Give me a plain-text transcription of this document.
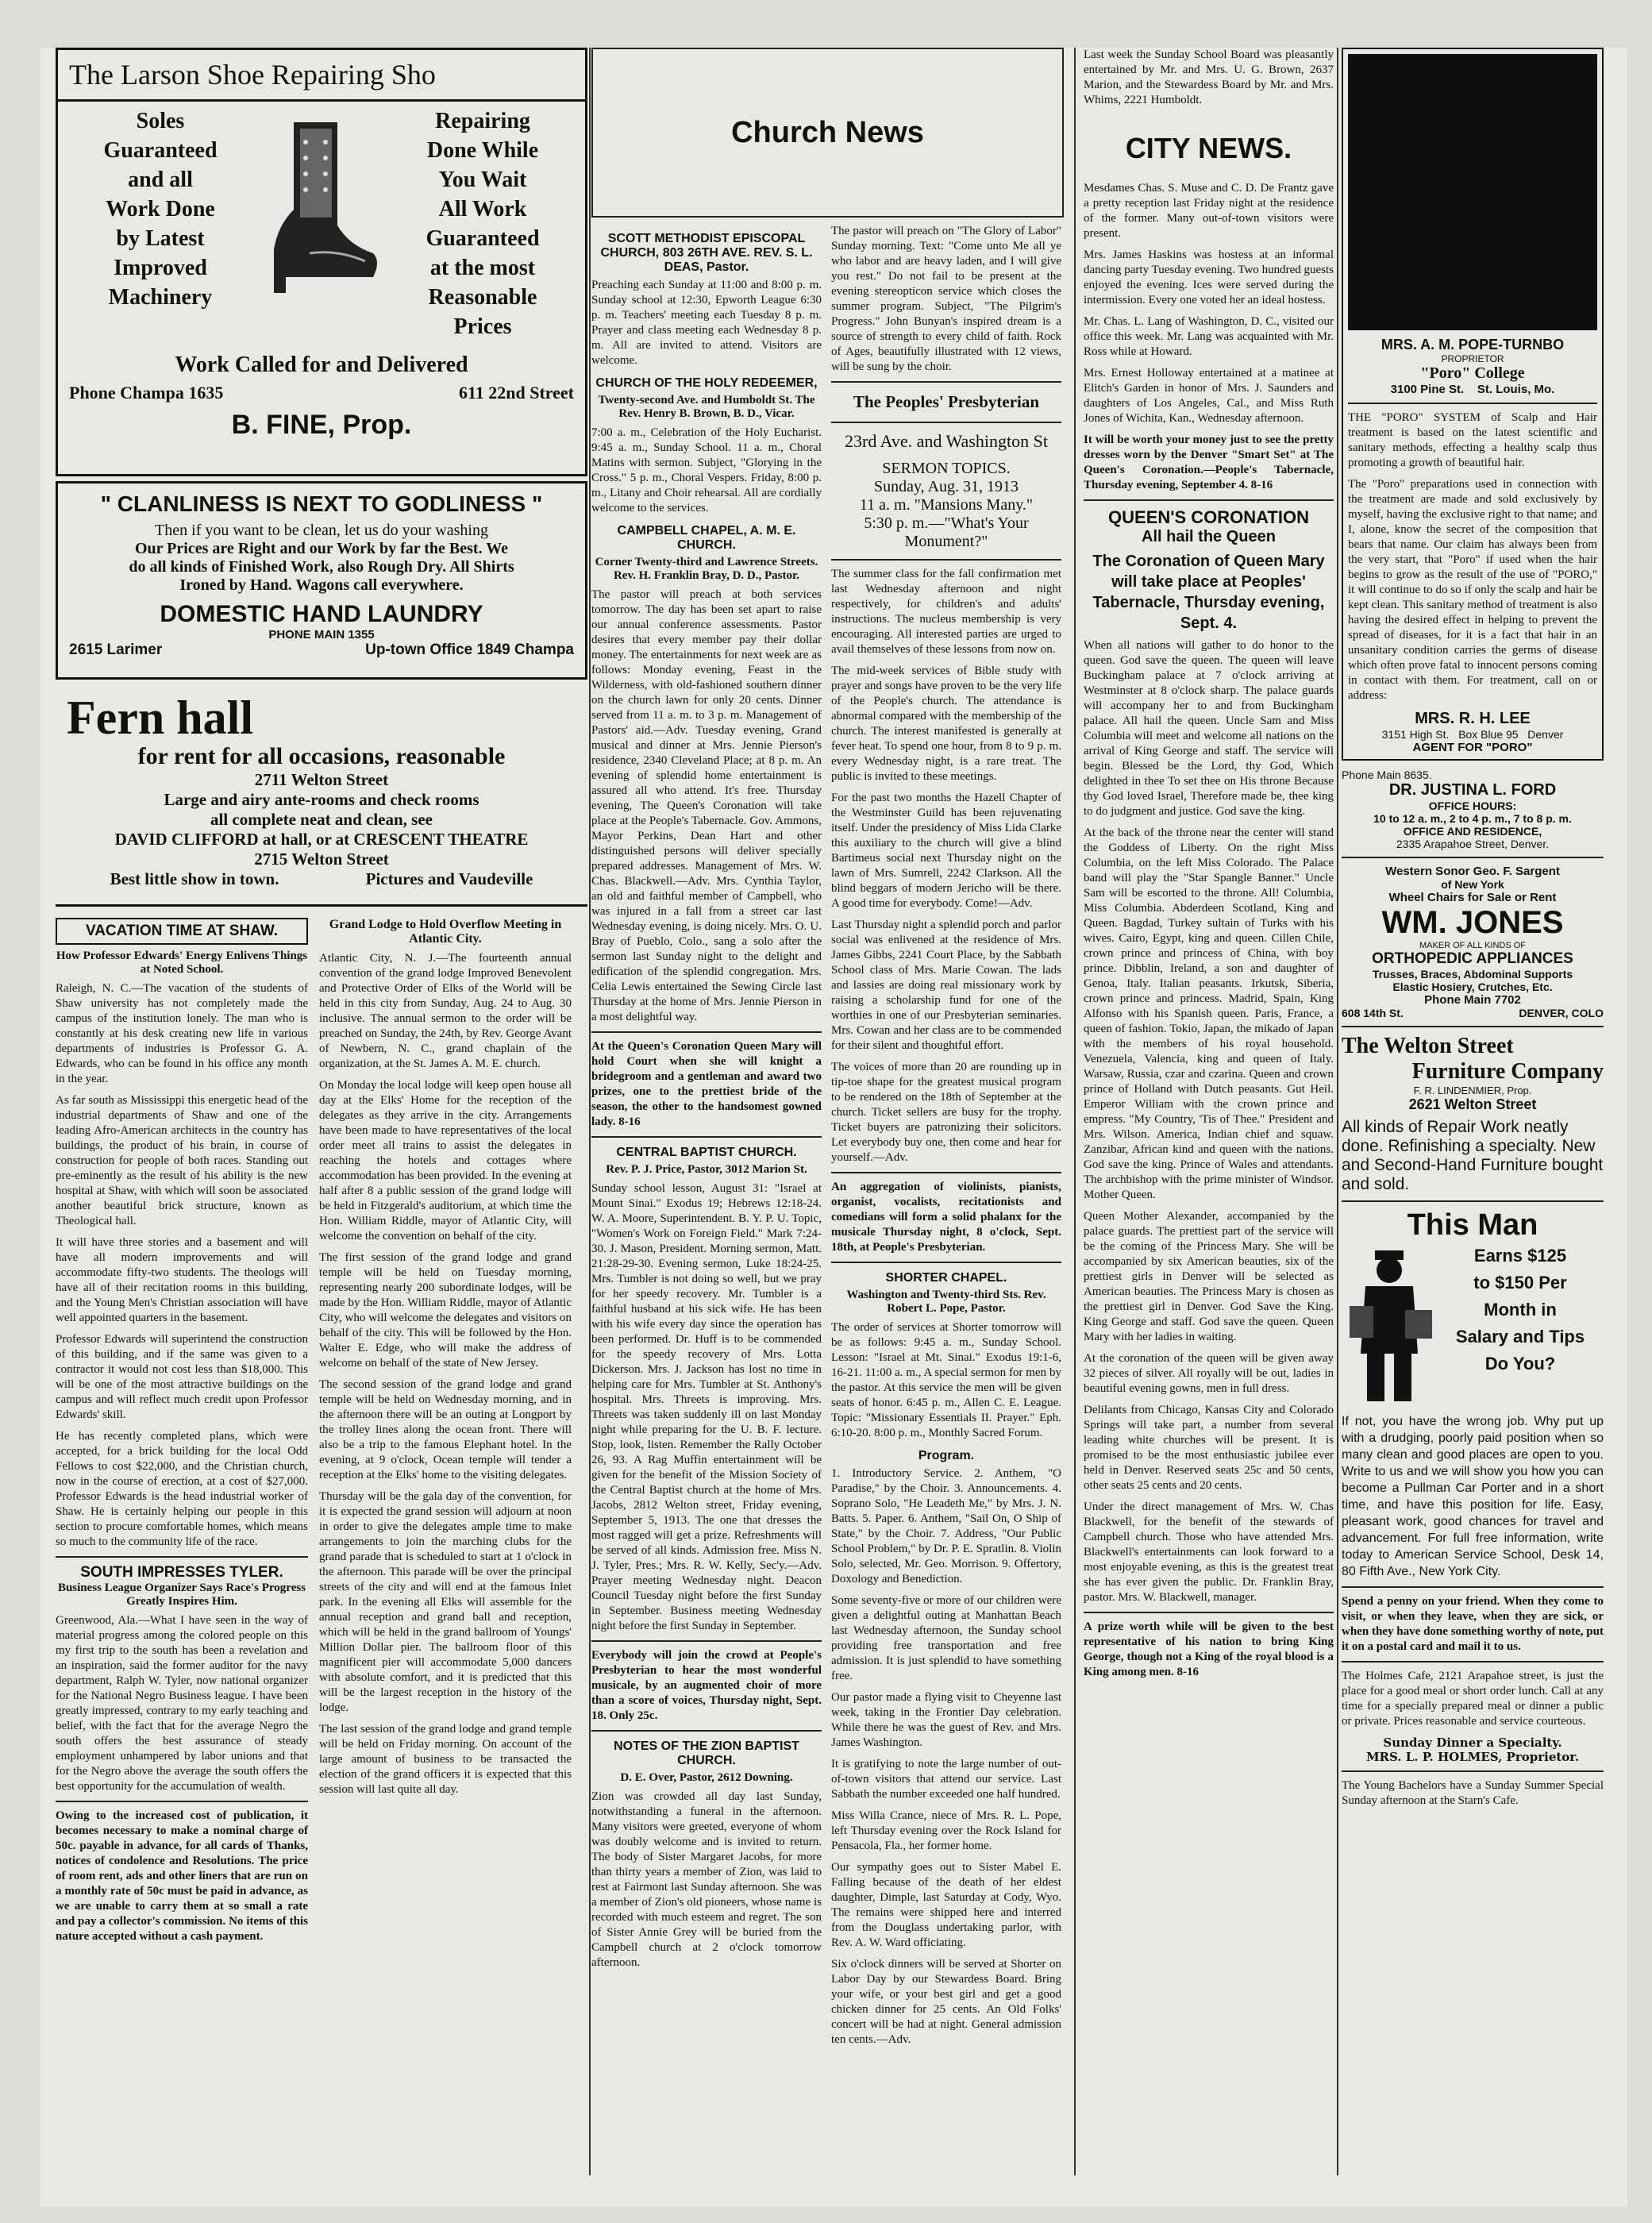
The Larson Shoe Repairing Sho
Soles
Guaranteed
and all
Work Done
by Latest
Improved
Machinery
Repairing
Done While
You Wait
All Work
Guaranteed
at the most
Reasonable
Prices
Work Called for and Delivered
Phone Champa 1635	611 22nd Street
B. FINE, Prop.
" CLANLINESS IS NEXT TO GODLINESS "
Then if you want to be clean, let us do your washing
Our Prices are Right and our Work by far the Best. We
do all kinds of Finished Work, also Rough Dry. All Shirts
Ironed by Hand. Wagons call everywhere.
DOMESTIC HAND LAUNDRY
PHONE MAIN 1355
2615 Larimer	Up-town Office 1849 Champa
Fern hall
for rent for all occasions, reasonable
2711 Welton Street
Large and airy ante-rooms and check rooms
all complete neat and clean, see
DAVID CLIFFORD at hall, or at CRESCENT THEATRE
2715 Welton Street
Best little show in town.	Pictures and Vaudeville
VACATION TIME AT SHAW.
How Professor Edwards' Energy Enlivens Things at Noted School.

Raleigh, N. C.—The vacation of the students of Shaw university has not completely made the campus of the institution lonely. The man who is constantly at his desk creating new life in various departments of industries is Professor G. A. Edwards, who can be found in his office any month in the year.

As far south as Mississippi this energetic head of the industrial departments of Shaw and one of the leading Afro-American architects in the country has buildings, the product of his brain, in course of construction for people of both races. Standing out pre-eminently as the result of his ability is the new hospital at Shaw, with which will soon be associated another beautiful brick structure, known as Theological hall.

It will have three stories and a basement and will have all modern improvements and will accommodate fifty-two students. The theologs will have all of their recitation rooms in this building, and the Young Men's Christian association will have well appointed quarters in the basement.

Professor Edwards will superintend the construction of this building, and if the same was given to a contractor it would not cost less than $18,000. This will be one of the most attractive buildings on the campus and will reflect much credit upon Professor Edwards' skill.

He has recently completed plans, which were accepted, for a brick building for the local Odd Fellows to cost $22,000, and the Christian church, now in the course of erection, at a cost of $27,000. Professor Edwards is the head industrial worker of Shaw. He is certainly helping our people in this section to procure comfortable homes, which means so much to the community life of the race.

SOUTH IMPRESSES TYLER.
Business League Organizer Says Race's Progress Greatly Inspires Him.

Greenwood, Ala.—What I have seen in the way of material progress among the colored people on this my first trip to the south has been a revelation and an inspiration, said the former auditor for the navy department, Ralph W. Tyler, now national organizer for the National Negro Business league. I have been greatly impressed, contrary to my early teaching and belief, with the fact that for the average Negro the south offers the best assurance of steady employment unhampered by labor unions and that for the Negro above the average the south offers the best opportunity for the accumulation of wealth.

Owing to the increased cost of publication, it becomes necessary to make a nominal charge of 50c. payable in advance, for all cards of Thanks, notices of condolence and Resolutions. The price of room rent, ads and other liners that are run on a monthly rate of 50c must be paid in advance, as we are unable to carry them at so small a rate and pay a collector's commission. No items of this nature accepted without a cash payment.

Grand Lodge to Hold Overflow Meeting in Atlantic City.

Atlantic City, N. J.—The fourteenth annual convention of the grand lodge Improved Benevolent and Protective Order of Elks of the World will be held in this city from Sunday, Aug. 24 to Aug. 30 inclusive. The annual sermon to the order will be preached on Sunday, the 24th, by Rev. George Avant of Newbern, N. C., grand chaplain of the organization, at the St. James A. M. E. church.

On Monday the local lodge will keep open house all day at the Elks' Home for the reception of the delegates as they arrive in the city. Arrangements have been made to have representatives of the local order meet all trains to assist the delegates in reaching the hotels and cottages where accommodation has been provided. In the evening at half after 8 a public session of the grand lodge will be held in Fitzgerald's auditorium, at which time the Hon. William Riddle, mayor of Atlantic City, will welcome the convention on behalf of the city.

The first session of the grand lodge and grand temple will be held on Tuesday morning, representing nearly 200 subordinate lodges, will be made by the Hon. William Riddle, mayor of Atlantic City, who will welcome the delegates and visitors on behalf of the city. This will be followed by the Hon. Walter E. Edge, who will make the address of welcome on behalf of the state of New Jersey.

The second session of the grand lodge and grand temple will be held on Wednesday morning, and in the afternoon there will be an outing at Longport by the trolley lines along the ocean front. There will also be a trip to the famous Elephant hotel. In the evening, at 9 o'clock, Ocean temple will tender a reception at the Elks' home to the visiting delegates.

Thursday will be the gala day of the convention, for it is expected the grand session will adjourn at noon in order to give the delegates ample time to make arrangements to join the marching clubs for the grand parade that is scheduled to start at 1 o'clock in the afternoon. This parade will be over the principal streets of the city and will end at the famous Inlet park. In the evening all Elks will assemble for the annual reception and grand ball and reception, which will be held in the grand ballroom of Youngs' Million Dollar pier. The ballroom floor of this magnificent pier will accommodate 5,000 dancers with absolute comfort, and it is predicted that this will be the largest reception in the history of the lodge.

The last session of the grand lodge and grand temple will be held on Friday morning. On account of the large amount of business to be transacted the election of the grand officers it is expected that this session will last quite all day.

Church News
SCOTT METHODIST EPISCOPAL CHURCH, 803 26TH AVE. REV. S. L. DEAS, Pastor.

Preaching each Sunday at 11:00 and 8:00 p. m. Sunday school at 12:30, Epworth League 6:30 p. m. Teachers' meeting each Tuesday 8 p. m. Prayer and class meeting each Wednesday 8 p. m. All are invited to attend. Visitors are welcome.

CHURCH OF THE HOLY REDEEMER,
Twenty-second Ave. and Humboldt St. The Rev. Henry B. Brown, B. D., Vicar.

7:00 a. m., Celebration of the Holy Eucharist. 9:45 a. m., Sunday School. 11 a. m., Choral Matins with sermon. Subject, "Glorying in the Cross." 5 p. m., Choral Vespers. Friday, 8:00 p. m., Litany and Choir rehearsal. All are cordially welcome to the services.

CAMPBELL CHAPEL, A. M. E. CHURCH.
Corner Twenty-third and Lawrence Streets. Rev. H. Franklin Bray, D. D., Pastor.

The pastor will preach at both services tomorrow. The day has been set apart to raise our annual conference assessments. Pastor desires that every member pay their dollar money. The entertainments for next week are as follows: Monday evening, Feast in the Wilderness, with old-fashioned southern dinner on the church lawn for only 20 cents. Dinner served from 11 a. m. to 3 p. m. Management of Pastors' aid.—Adv. Tuesday evening, Grand musical and dinner at Mrs. Jennie Pierson's residence, 2340 Cleveland Place; at 8 p. m. An evening of splendid home entertainment is assured all who attend. It's free. Thursday evening, The Queen's Coronation will take place at the People's Tabernacle. Gov. Ammons, Mayor Perkins, Dean Hart and other distinguished persons will deliver specially prepared addresses. Management of Mrs. W. Chas. Blackwell.—Adv. Mrs. Cynthia Taylor, an old and faithful member of Campbell, who was injured in a fall from a street car last Wednesday evening, is doing nicely. Mrs. O. U. Bray of Pueblo, Colo., sang a solo after the sermon last Sunday night to the delight and edification of the splendid congregation. Mrs. Celia Lewis entertained the Sewing Circle last Thursday at the home of Mrs. Jennie Pierson in a most delightful way.

At the Queen's Coronation Queen Mary will hold Court when she will knight a bridegroom and a gentleman and award two prizes, one to the prettiest bride of the season, the other to the handsomest gowned lady. 8-16

CENTRAL BAPTIST CHURCH.
Rev. P. J. Price, Pastor, 3012 Marion St.

Sunday school lesson, August 31: "Israel at Mount Sinai." Exodus 19; Hebrews 12:18-24. W. A. Moore, Superintendent. B. Y. P. U. Topic, "Women's Work on Foreign Field." Mark 7:24-30. J. Mason, President. Morning sermon, Matt. 21:28-29-30. Evening sermon, Luke 18:24-25. Mrs. Tumbler is not doing so well, but we pray for her speedy recovery. Mr. Tumbler is a faithful husband at his sick wife. He has been with his wife every day since the operation has been performed. Dr. Huff is to be commended for the speedy recovery of Mrs. Lotta Dickerson. Mrs. J. Jackson has lost no time in helping care for Mrs. Tumbler at St. Anthony's hospital. Mrs. Threets is improving. Mrs. Threets was taken suddenly ill on last Monday night while preparing for the U. B. F. lecture. Stop, look, listen. Remember the Rally October 26, 93. A Rag Muffin entertainment will be given for the benefit of the Mission Society of the Central Baptist church at the home of Mrs. Jacobs, 2812 Welton street, Friday evening, September 5, 1913. The one that dresses the most ragged will get a prize. Refreshments will be served of all kinds. Admission free. Miss N. J. Tyler, Pres.; Mrs. R. W. Kelly, Sec'y.—Adv. Prayer meeting Wednesday night. Deacon Council Tuesday night before the first Sunday in September. Business meeting Wednesday night before the first Sunday in September.

Everybody will join the crowd at People's Presbyterian to hear the most wonderful musicale, by an augmented choir of more than a score of voices, Thursday night, Sept. 18. Only 25c.

NOTES OF THE ZION BAPTIST CHURCH.
D. E. Over, Pastor, 2612 Downing.

Zion was crowded all day last Sunday, notwithstanding a funeral in the afternoon. Many visitors were greeted, everyone of whom was doubly welcome and is invited to return. The body of Sister Margaret Jacobs, for more than thirty years a member of Zion, was laid to rest at Fairmont last Sunday afternoon. She was a member of Zion's old pioneers, whose name is recorded with much esteem and regret. The son of Sister Annie Grey will be buried from the Campbell church at 2 o'clock tomorrow afternoon.

The pastor will preach on "The Glory of Labor" Sunday morning. Text: "Come unto Me all ye who labor and are heavy laden, and I will give you rest." Do not fail to be present at the evening stereopticon service which closes the summer program. Subject, "The Pilgrim's Progress." John Bunyan's inspired dream is a source of strength to every child of faith. Rock of Ages, beautifully illustrated with 12 views, will be sung by the choir.

The Peoples' Presbyterian
23rd Ave. and Washington St
SERMON TOPICS.
Sunday, Aug. 31, 1913
11 a. m. "Mansions Many."
5:30 p. m.—"What's Your Monument?"

The summer class for the fall confirmation met last Wednesday afternoon and night respectively, for children's and adults' instructions. The nucleus membership is very encouraging. All interested parties are urged to avail themselves of these lessons from now on.

The mid-week services of Bible study with prayer and songs have proven to be the very life of the People's church. The attendance is abnormal compared with the membership of the church. The interest manifested is generally at fever heat. To spend one hour, from 8 to 9 p. m. every Wednesday night, is a rare treat. The public is invited to these meetings.

For the past two months the Hazell Chapter of the Westminster Guild has been rejuvenating itself. Under the presidency of Miss Lida Clarke this auxiliary to the church will give a blind Bartimeus social next Thursday night on the lawn of Mrs. Sumrell, 2242 Clarkson. All the blind beggars of modern Jericho will be there. A good time for everybody. Come!—Adv.

Last Thursday night a splendid porch and parlor social was enlivened at the residence of Mrs. James Gibbs, 2241 Court Place, by the Sabbath School class of Mrs. Marie Cowan. The lads and lassies are doing real missionary work by raising a scholarship fund for one of the worthies in one of our Presbyterian seminaries. Mrs. Cowan and her class are to be commended for their silent and thoughtful effort.

The voices of more than 20 are rounding up in tip-toe shape for the greatest musical program to be rendered on the 18th of September at the church. Ticket sellers are busy for the trophy. Ticket buyers are patronizing their solicitors. Let everybody buy one, then come and hear for yourself.—Adv.

An aggregation of violinists, pianists, organist, vocalists, recitationists and comedians will form a solid phalanx for the musicale Thursday night, 8 o'clock, Sept. 18th, at People's Presbyterian.

SHORTER CHAPEL.
Washington and Twenty-third Sts. Rev. Robert L. Pope, Pastor.

The order of services at Shorter tomorrow will be as follows: 9:45 a. m., Sunday School. Lesson: "Israel at Mt. Sinai." Exodus 19:1-6, 16-21. 11:00 a. m., A special sermon for men by the pastor. At this service the men will be given seats of honor. 6:45 p. m., Allen C. E. League. Topic: "Missionary Essentials II. Prayer." Eph. 6:10-20. 8:00 p. m., Monthly Sacred Forum.

Program.

1. Introductory Service. 2. Anthem, "O Paradise," by the Choir. 3. Announcements. 4. Soprano Solo, "He Leadeth Me," by Mrs. J. N. Batts. 5. Paper. 6. Anthem, "Sail On, O Ship of State," by the Choir. 7. Address, "Our Public School Problem," by Dr. P. E. Spratlin. 8. Violin Solo, selected, Mr. Geo. Morrison. 9. Offertory, Doxology and Benediction.

Some seventy-five or more of our children were given a delightful outing at Manhattan Beach last Wednesday afternoon, the Sunday school providing free transportation and free admission. It is just splendid to have something free.

Our pastor made a flying visit to Cheyenne last week, taking in the Frontier Day celebration. While there he was the guest of Rev. and Mrs. James Washington.

It is gratifying to note the large number of out-of-town visitors that attend our service. Last Sabbath the number exceeded one half hundred.

Miss Willa Crance, niece of Mrs. R. L. Pope, left Thursday evening over the Rock Island for Pensacola, Fla., her former home.

Our sympathy goes out to Sister Mabel E. Falling because of the death of her eldest daughter, Dimple, last Saturday at Cody, Wyo. The remains were shipped here and interred from the Douglass undertaking parlor, with Rev. A. W. Ward officiating.

Six o'clock dinners will be served at Shorter on Labor Day by our Stewardess Board. Bring your wife, or your best girl and get a good chicken dinner for 25 cents. An Old Folks' concert will be had at night. General admission ten cents.—Adv.

Last week the Sunday School Board was pleasantly entertained by Mr. and Mrs. U. G. Brown, 2637 Marion, and the Stewardess Board by Mr. and Mrs. Whims, 2221 Humboldt.

CITY NEWS.

Mesdames Chas. S. Muse and C. D. De Frantz gave a pretty reception last Friday night at the residence of the former. Many out-of-town visitors were present.

Mrs. James Haskins was hostess at an informal dancing party Tuesday evening. Two hundred guests enjoyed the evening. Ices were served during the intermission. Every one voted her an ideal hostess.

Mr. Chas. L. Lang of Washington, D. C., visited our office this week. Mr. Lang was acquainted with Mr. Ross while at Howard.

Mrs. Ernest Holloway entertained at a matinee at Elitch's Garden in honor of Mrs. J. Saunders and daughters of Los Angeles, Cal., and Miss Ruth Jones of Wichita, Kan., Wednesday afternoon.

It will be worth your money just to see the pretty dresses worn by the Denver "Smart Set" at The Queen's Coronation.—People's Tabernacle, Thursday evening, September 4. 8-16

QUEEN'S CORONATION
All hail the Queen
The Coronation of Queen Mary will take place at Peoples' Tabernacle, Thursday evening, Sept. 4.

When all nations will gather to do honor to the queen. God save the queen. The queen will leave Buckingham palace at 7 o'clock arriving at Westminster at 8 o'clock sharp. The palace guards will accompany her to and from Buckingham palace. All hail the queen. Uncle Sam and Miss Columbia will meet and welcome all nations on the arrival of King George and staff. The service will begin. Blessed be the Lord, thy God, Which delighted in thee To set thee on His throne Because thy God loved Israel, Therefore made be, thee king to do judgment and justice. God save the king.

At the back of the throne near the center will stand the Goddess of Liberty. On the right Miss Columbia, on the left Miss Colorado. The Palace band will play the "Star Spangle Banner." Uncle Sam will be escorted to the throne. All! Columbia, Miss Columbia. Abderdeen Scotland, King and Queen. Bagdad, Turkey sultain of Turks with his wives. Cairo, Egypt, king and queen. Cillen Chile, crown prince and princess of China, with boy prince. Dibblin, Ireland, a son and daughter of Genoa, Italy. Italian peasants. Irkutsk, Siberia, crown prince and princess. Madrid, Spain, King Alfonso with his Spanish queen. Paris, France, a queen of fashion. Tokio, Japan, the mikado of Japan with the members of his royal household. Venezuela, Valencia, king and queen of Italy. Warsaw, Russia, czar and czarina. Queen and crown prince of Holland with Dutch peasants. Gut Heil. Emperor William with the crown prince and empress. "My Country, 'Tis of Thee." President and Mrs. Wilson. America, Indian chief and squaw. Zanzibar, African kind and queen with the nations. God save the king. Prince of Wales and attendants. The archbishop with the prime minister of Windsor. Mother Queen.

Queen Mother Alexander, accompanied by the palace guards. The prettiest part of the service will be the coming of the Princess Mary. She will be accompanied by six American beauties, six of the prettiest girls in Denver will be selected as American beauties. The Princess Mary is chosen as the prettiest girl in Denver. God Save the King. King George and staff. God save the queen. Queen Mary with her ladies in waiting.

At the coronation of the queen will be given away 32 pieces of silver. All royally will be out, ladies in beautiful evening gowns, men in full dress.

Delilants from Chicago, Kansas City and Colorado Springs will take part, a number from several leading white churches will be present. It is promised to be the most enthusiastic jubilee ever held in Denver. Reserved seats 25c and 50 cents, other seats 25 cents and 20 cents.

Under the direct management of Mrs. W. Chas Blackwell, for the benefit of the stewards of Campbell church. Those who have attended Mrs. Blackwell's entertainments can look forward to a most enjoyable evening, as this is the greatest treat she has ever given the public. Dr. Franklin Bray, pastor. Mrs. W. Blackwell, manager.

A prize worth while will be given to the best representative of his nation to bring King George, though not a King of the royal blood is a King among men. 8-16

MRS. A. M. POPE-TURNBO
PROPRIETOR
"Poro" College
3100 Pine St.    St. Louis, Mo.

THE "PORO" SYSTEM of Scalp and Hair treatment is based on the latest scientific and sanitary methods, effecting a healthy scalp thus promoting a growth of beautiful hair.

The "Poro" preparations used in connection with the treatment are made and sold exclusively by myself, having the exclusive right to that name; and I, alone, know the secret of the composition that bears that name. Our claim has always been from the very start, that "Poro" if used when the hair begins to grow as the result of the use of "PORO," it will continue to do so if only the scalp and hair be kept clean. This sanitary method of treatment is also having the desired effect in helping to prevent the spread of diseases, for it is a fact that hair in an unsanitary condition carries the germs of disease which often prove fatal to innocent persons coming in contact with them. For treatment, call on or address:

MRS. R. H. LEE
3151 High St.   Box Blue 95   Denver
AGENT FOR "PORO"
Phone Main 8635.
DR. JUSTINA L. FORD
OFFICE HOURS:
10 to 12 a. m., 2 to 4 p. m., 7 to 8 p. m.
OFFICE AND RESIDENCE,
2335 Arapahoe Street, Denver.
Western Sonor Geo. F. Sargent
of New York
Wheel Chairs for Sale or Rent
WM. JONES
MAKER OF ALL KINDS OF
ORTHOPEDIC APPLIANCES
Trusses, Braces, Abdominal Supports
Elastic Hosiery, Crutches, Etc.
Phone Main 7702
608 14th St.	DENVER, COLO
The Welton Street
Furniture Company
F. R. LINDENMIER, Prop.
2621 Welton Street
All kinds of Repair Work neatly done. Refinishing a specialty. New and Second-Hand Furniture bought and sold.
This Man
Earns $125
to $150 Per
Month in
Salary and Tips
Do You?

If not, you have the wrong job. Why put up with a drudging, poorly paid position when so many clean and good places are open to you. Write to us and we will show you how you can become a Pullman Car Porter and in a short time, and have this position for life. Easy, pleasant work, good chances for travel and advancement. For full free information, write today to American Service School, Desk 14, 80 Fifth Ave., New York City.

Spend a penny on your friend. When they come to visit, or when they leave, when they are sick, or when they have done something worthy of note, put it on a postal card and mail it to us.

The Holmes Cafe, 2121 Arapahoe street, is just the place for a good meal or short order lunch. Call at any time for a specially prepared meal or dinner a public or private. Prices reasonable and service courteous.

Sunday Dinner a Specialty.
MRS. L. P. HOLMES, Proprietor.

The Young Bachelors have a Sunday Summer Special Sunday afternoon at the Starn's Cafe.
